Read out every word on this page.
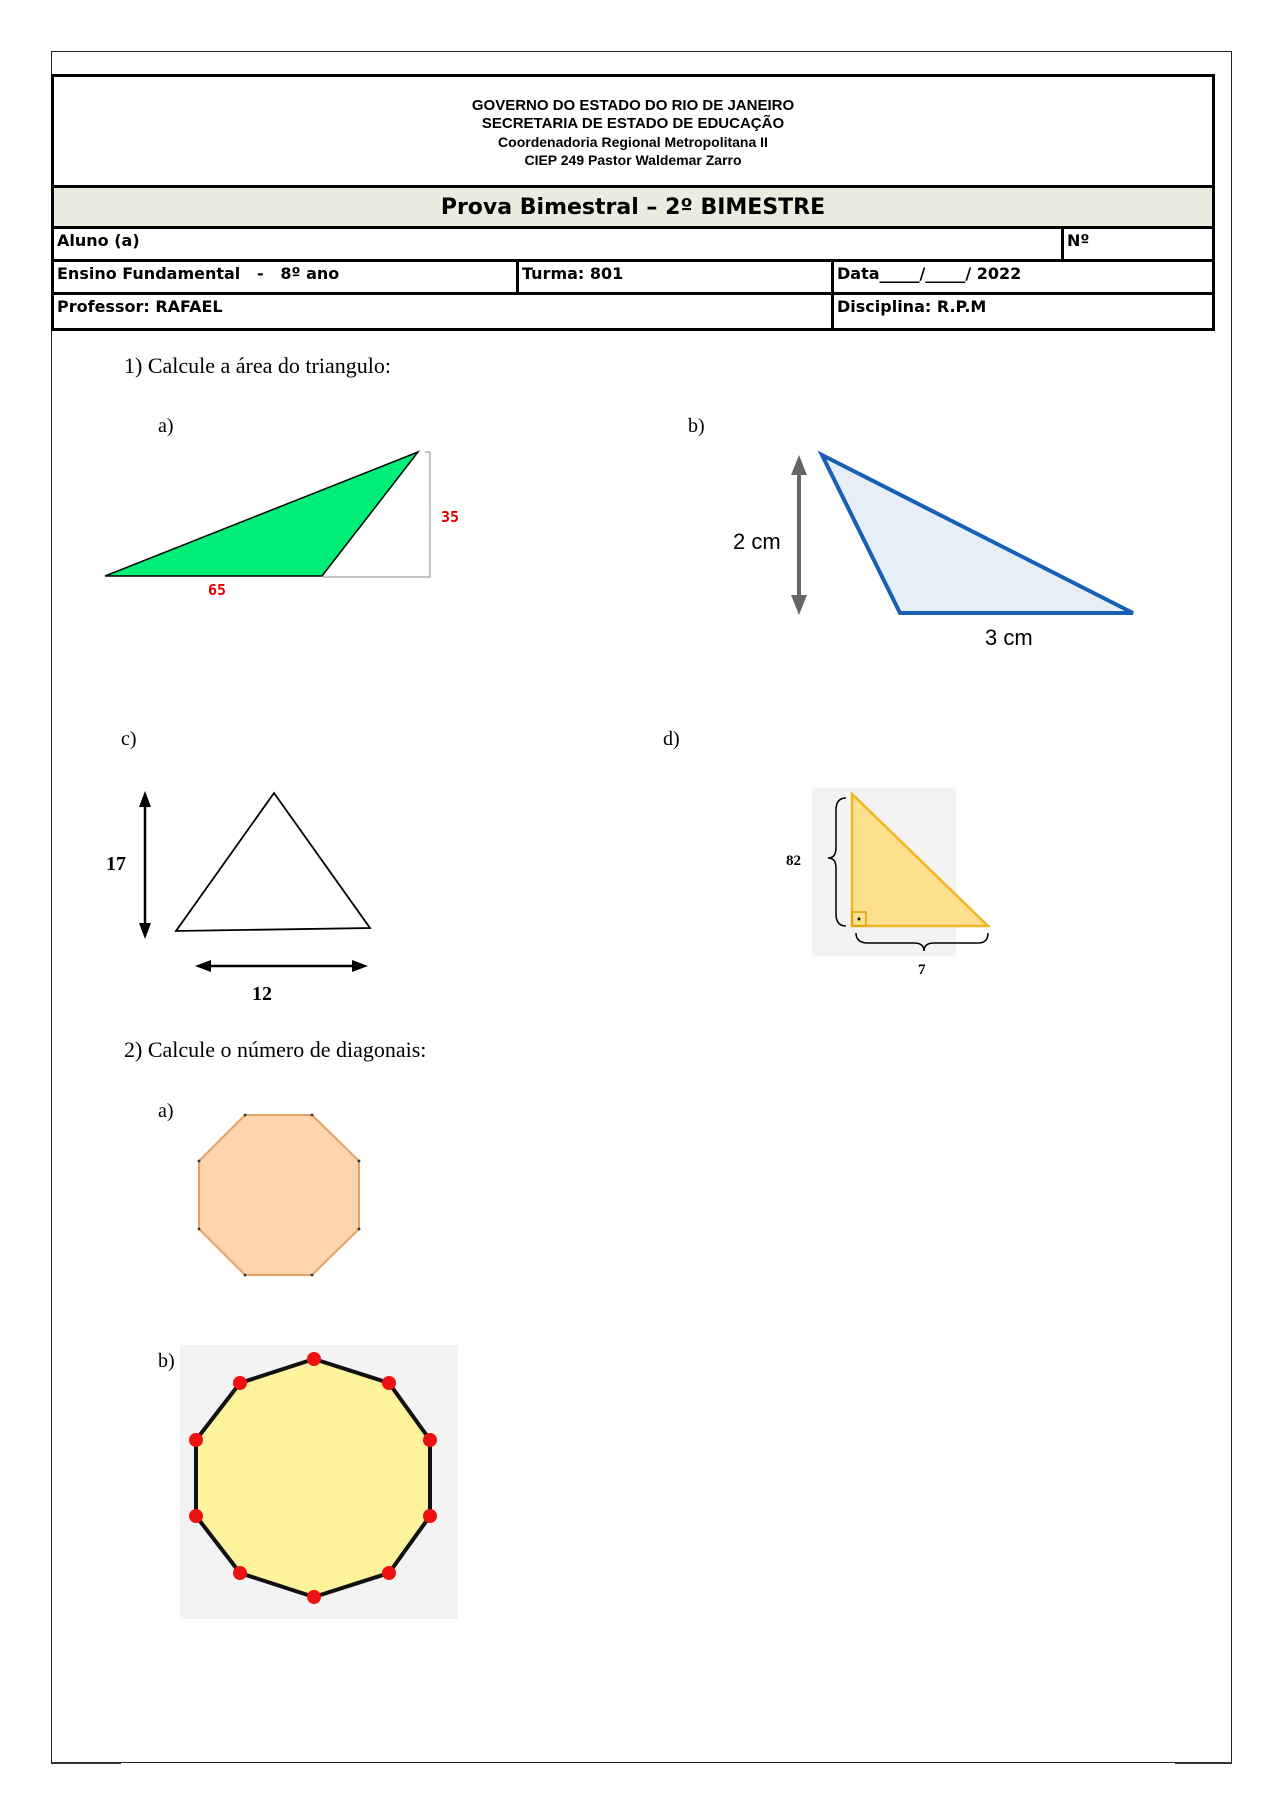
GOVERNO DO ESTADO DO RIO DE JANEIRO
SECRETARIA DE ESTADO DE EDUCAÇÃO
Coordenadoria Regional Metropolitana II
CIEP 249 Pastor Waldemar Zarro
Prova Bimestral – 2º BIMESTRE
Aluno (a)	Nº
Ensino Fundamental   -   8º ano	Turma: 801	Data_____/_____/ 2022
Professor: RAFAEL	Disciplina: R.P.M
1) Calcule a área do triangulo:
a)
35
65
b)
2 cm
3 cm
c)
17
12
d)
82
7
2) Calcule o número de diagonais:
a)
b)
